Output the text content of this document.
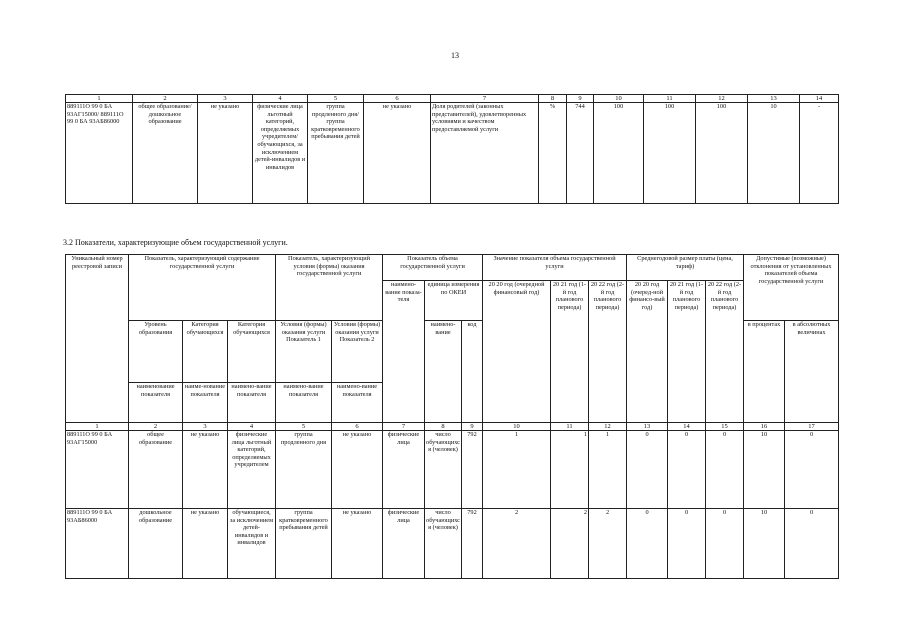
13
1	2	3	4	5	6	7	8	9	10	11	12	13	14
889111О 99 0 БА 93АГ15000/ 889111О 99 0 БА 93АБ86000	общее образование/ дошкольное образование	не указано	физические лица льготный категорий, определяемых учредителем/ обучающихся, за исключением детей-инвалидов и инвалидов	группа продленного дня/ группа кратковременного пребывания детей	не указано	Доля родителей (законных представителей), удовлетворенных условиями и качеством предоставляемой услуги	%	744	100	100	100	10	-
3.2 Показатели, характеризующие объем государственной услуги.
Уникальный номер реестровой записи	Показатель, характеризующий содержание государственной услуги			Показатель, характеризующий условия (формы) оказания государственной услуги		Показатель объема государственной услуги			Значение показателя объема государственной услуги			Среднегодовой размер платы (цена, тариф)			Допустимые (возможные) отклонения от установленных показателей объема государственной услуги	
						наимено-вание показа-теля	единица измерения по ОКЕИ		20 20 год (очередной финансовый год)	20 21 год (1-й год планового периода)	20 22 год (2-й год планового периода)	20 20 год (очеред-ной финансо-вый год)	20 21 год (1-й год планового периода)	20 22 год (2-й год планового периода)		
	Уровень образования	Категория обучающихся	Категория обучающихся	Условия (формы) оказания услуги Показатель 1	Условия (формы) оказания услуги Показатель 2		наимено-вание	код							в процентах	в абсолютных величинах
	наименование показателя	наиме-нование показателя	наимено-вание показателя	наимено-вание показателя	наимено-вание показателя											
1	2	3	4	5	6	7	8	9	10	11	12	13	14	15	16	17
889111О 99 0 БА 93АГ15000	общее образование	не указано	физические лица льготный категорий, определяемых учредителем	группа продленного дня	не указано	физические лица	число обучающихся (человек)	792	1	1	1	0	0	0	10	0
889111О 99 0 БА 93АБ86000	дошкольное образование	не указано	обучающиеся, за исключением детей-инвалидов и инвалидов	группа кратковременного пребывания детей	не указано	физические лица	число обучающихся (человек)	792	2	2	2	0	0	0	10	0
